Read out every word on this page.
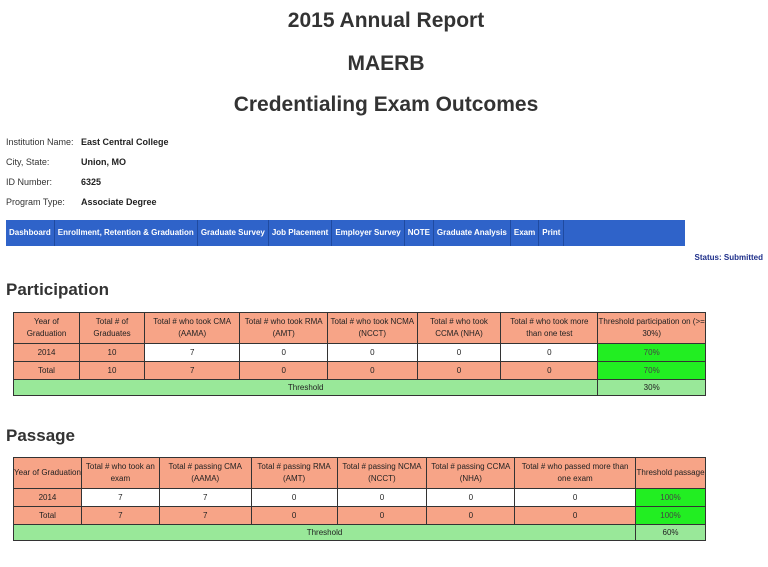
2015 Annual Report
MAERB
Credentialing Exam Outcomes
Institution Name: East Central College
City, State:	Union, MO
ID Number:	6325
Program Type: Associate Degree
Dashboard Enrollment, Retention & Graduation Graduate Survey Job Placement Employer Survey NOTE Graduate Analysis Exam Print
Status: Submitted
Participation
Year of Graduation	Total # of Graduates	Total # who took CMA (AAMA)	Total # who took RMA (AMT)	Total # who took NCMA (NCCT)	Total # who took CCMA (NHA)	Total # who took more than one test	Threshold participation on (>= 30%)
2014	10	7	0	0	0	0	70%
Total	10	7	0	0	0	0	70%
Threshold							30%
Passage
Year of Graduation	Total # who took an exam	Total # passing CMA (AAMA)	Total # passing RMA (AMT)	Total # passing NCMA (NCCT)	Total # passing CCMA (NHA)	Total # who passed more than one exam	Threshold passage
2014	7	7	0	0	0	0	100%
Total	7	7	0	0	0	0	100%
Threshold							60%
